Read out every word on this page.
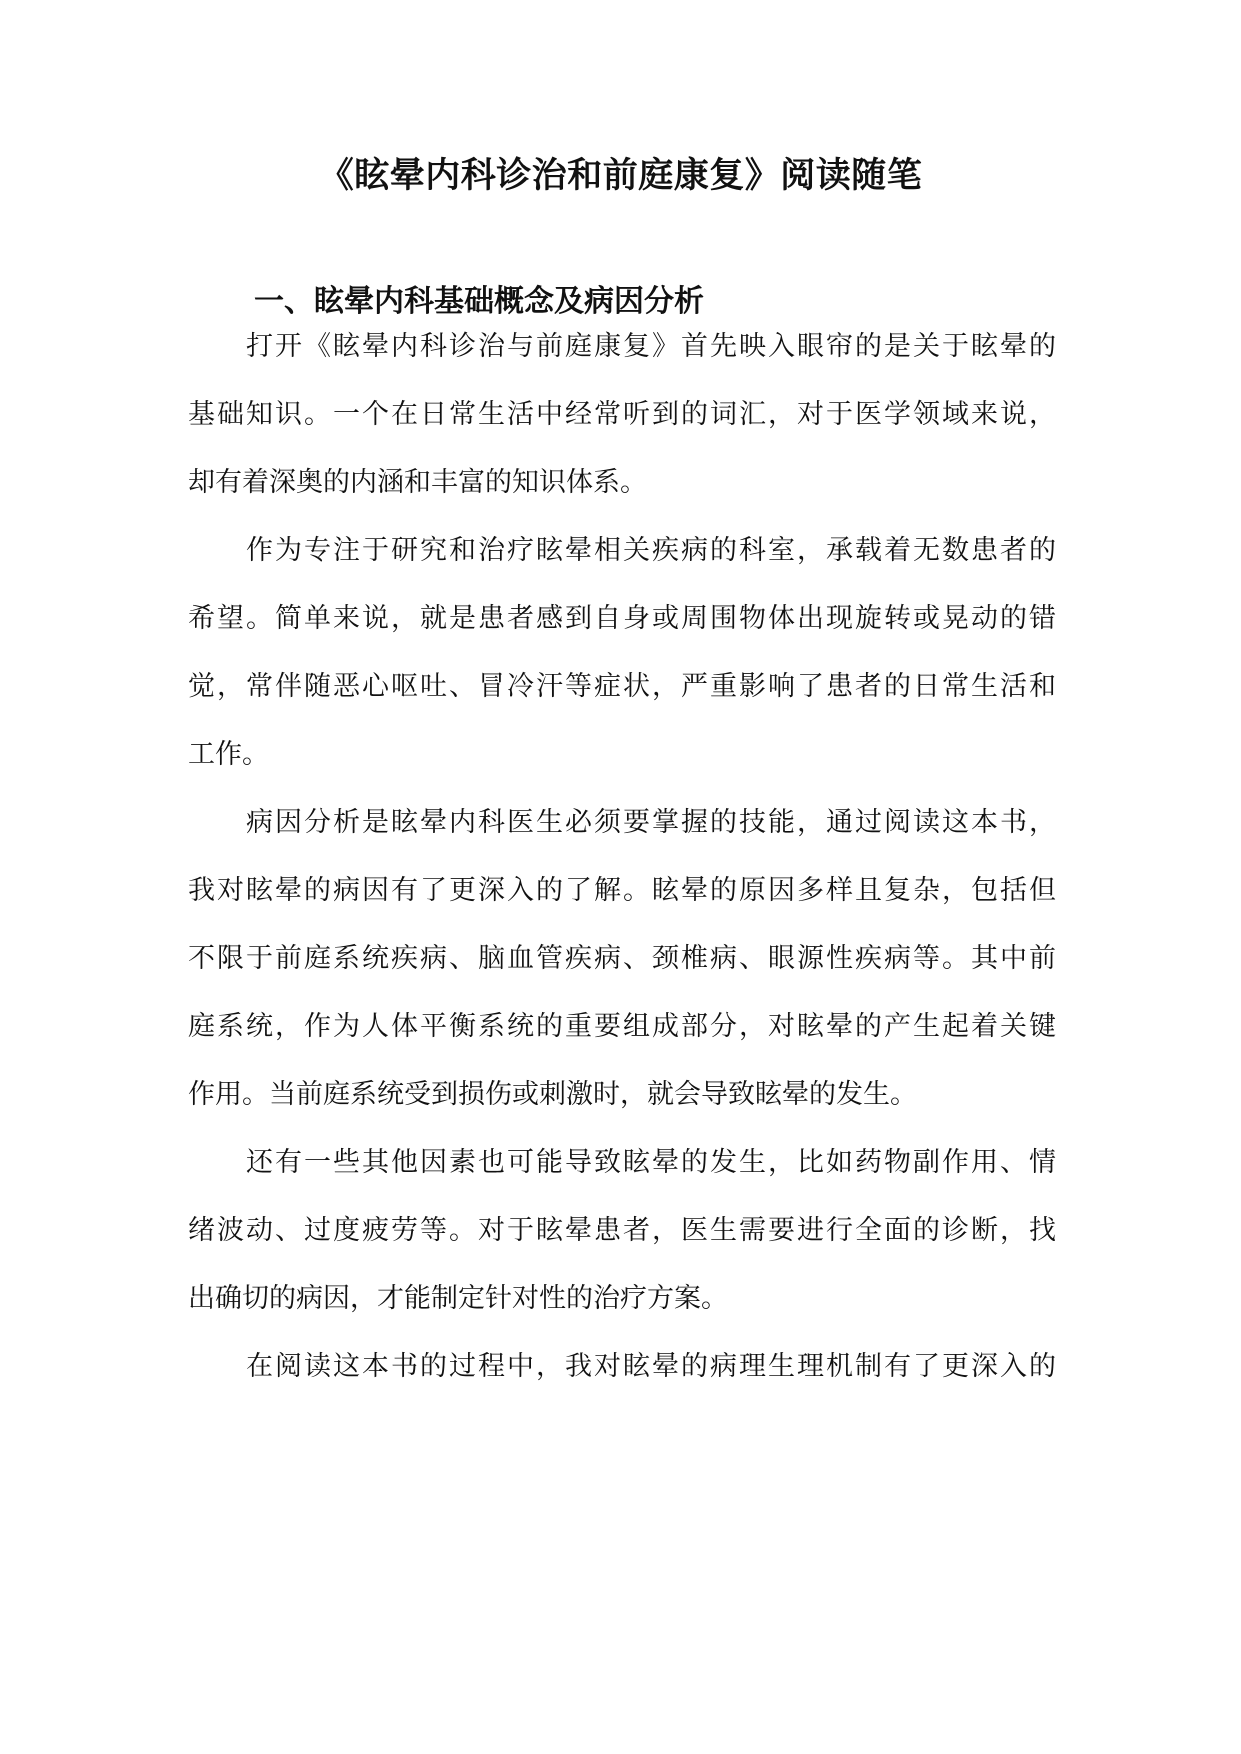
《眩晕内科诊治和前庭康复》阅读随笔
一、眩晕内科基础概念及病因分析
打开《眩晕内科诊治与前庭康复》首先映入眼帘的是关于眩晕的
基础知识。一个在日常生活中经常听到的词汇，对于医学领域来说，
却有着深奥的内涵和丰富的知识体系。
作为专注于研究和治疗眩晕相关疾病的科室，承载着无数患者的
希望。简单来说，就是患者感到自身或周围物体出现旋转或晃动的错
觉，常伴随恶心呕吐、冒冷汗等症状，严重影响了患者的日常生活和
工作。
病因分析是眩晕内科医生必须要掌握的技能，通过阅读这本书，
我对眩晕的病因有了更深入的了解。眩晕的原因多样且复杂，包括但
不限于前庭系统疾病、脑血管疾病、颈椎病、眼源性疾病等。其中前
庭系统，作为人体平衡系统的重要组成部分，对眩晕的产生起着关键
作用。当前庭系统受到损伤或刺激时，就会导致眩晕的发生。
还有一些其他因素也可能导致眩晕的发生，比如药物副作用、情
绪波动、过度疲劳等。对于眩晕患者，医生需要进行全面的诊断，找
出确切的病因，才能制定针对性的治疗方案。
在阅读这本书的过程中，我对眩晕的病理生理机制有了更深入的
